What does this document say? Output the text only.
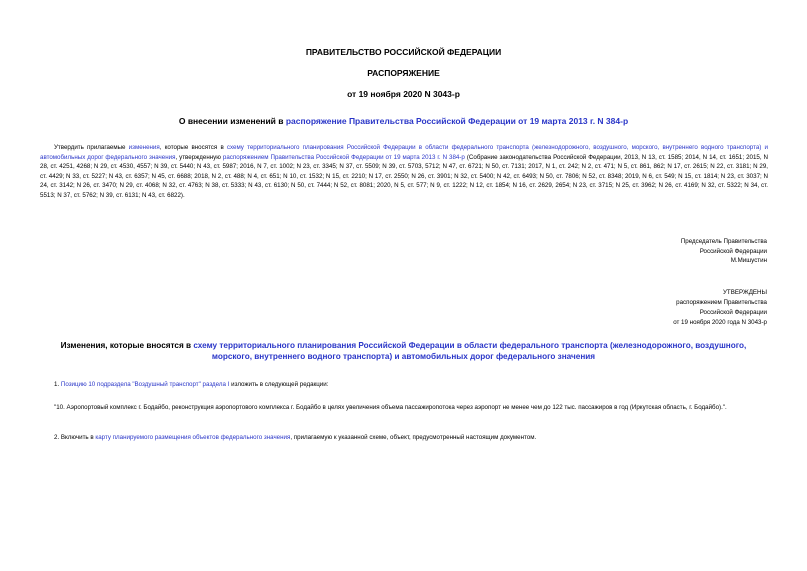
ПРАВИТЕЛЬСТВО РОССИЙСКОЙ ФЕДЕРАЦИИ
РАСПОРЯЖЕНИЕ
от 19 ноября 2020 N 3043-р
О внесении изменений в распоряжение Правительства Российской Федерации от 19 марта 2013 г. N 384-р
Утвердить прилагаемые изменения, которые вносятся в схему территориального планирования Российской Федерации в области федерального транспорта (железнодорожного, воздушного, морского, внутреннего водного транспорта) и автомобильных дорог федерального значения, утвержденную распоряжением Правительства Российской Федерации от 19 марта 2013 г. N 384-р (Собрание законодательства Российской Федерации, 2013, N 13, ст. 1585; 2014, N 14, ст. 1651; 2015, N 28, ст. 4251, 4268; N 29, ст. 4530, 4557; N 39, ст. 5440; N 43, ст. 5987; 2016, N 7, ст. 1002; N 23, ст. 3345; N 37, ст. 5509; N 39, ст. 5703, 5712; N 47, ст. 6721; N 50, ст. 7131; 2017, N 1, ст. 242; N 2, ст. 471; N 5, ст. 861, 862; N 17, ст. 2615; N 22, ст. 3181; N 29, ст. 4429; N 33, ст. 5227; N 43, ст. 6357; N 45, ст. 6688; 2018, N 2, ст. 488; N 4, ст. 651; N 10, ст. 1532; N 15, ст. 2210; N 17, ст. 2550; N 26, ст. 3901; N 32, ст. 5400; N 42, ст. 6493; N 50, ст. 7806; N 52, ст. 8348; 2019, N 6, ст. 549; N 15, ст. 1814; N 23, ст. 3037; N 24, ст. 3142; N 26, ст. 3470; N 29, ст. 4068; N 32, ст. 4763; N 38, ст. 5333; N 43, ст. 6130; N 50, ст. 7444; N 52, ст. 8081; 2020, N 5, ст. 577; N 9, ст. 1222; N 12, ст. 1854; N 16, ст. 2629, 2654; N 23, ст. 3715; N 25, ст. 3962; N 26, ст. 4169; N 32, ст. 5322; N 34, ст. 5513; N 37, ст. 5762; N 39, ст. 6131; N 43, ст. 6822).
Председатель Правительства
Российской Федерации
М.Мишустин
УТВЕРЖДЕНЫ
распоряжением Правительства
Российской Федерации
от 19 ноября 2020 года N 3043-р
Изменения, которые вносятся в схему территориального планирования Российской Федерации в области федерального транспорта (железнодорожного, воздушного, морского, внутреннего водного транспорта) и автомобильных дорог федерального значения
1. Позицию 10 подраздела "Воздушный транспорт" раздела I изложить в следующей редакции:
"10. Аэропортовый комплекс г. Бодайбо, реконструкция аэропортового комплекса г. Бодайбо в целях увеличения объема пассажиропотока через аэропорт не менее чем до 122 тыс. пассажиров в год (Иркутская область, г. Бодайбо).".
2. Включить в карту планируемого размещения объектов федерального значения, прилагаемую к указанной схеме, объект, предусмотренный настоящим документом.
